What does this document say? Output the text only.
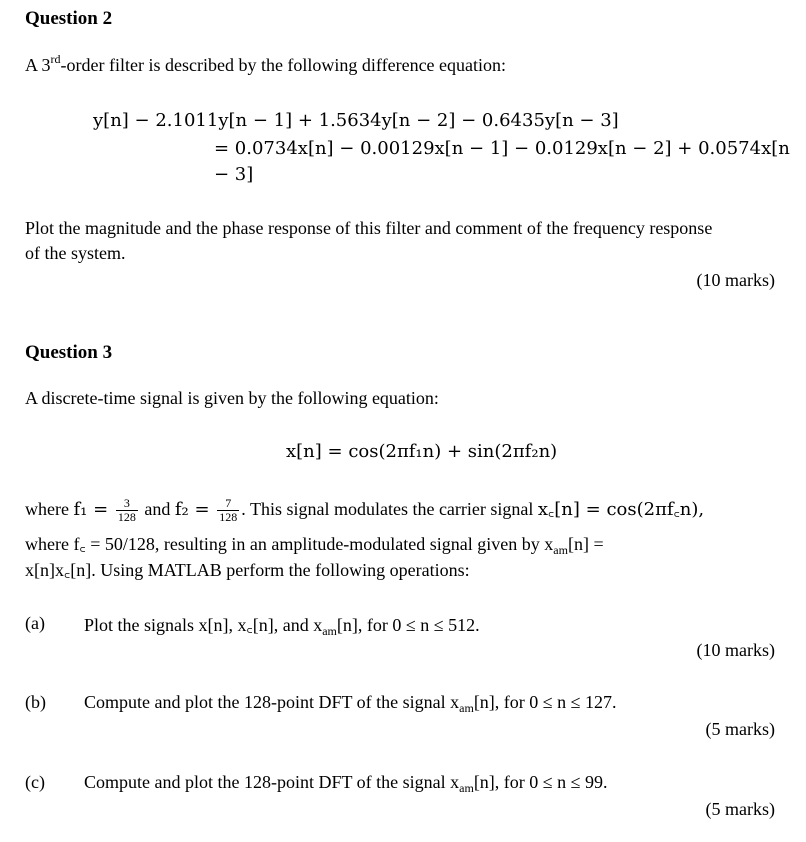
Question 2
A 3rd-order filter is described by the following difference equation:
y[n] − 2.1011y[n − 1] + 1.5634y[n − 2] − 0.6435y[n − 3]
= 0.0734x[n] − 0.00129x[n − 1] − 0.0129x[n − 2] + 0.0574x[n
− 3]
Plot the magnitude and the phase response of this filter and comment of the frequency response
of the system.
(10 marks)
Question 3
A discrete-time signal is given by the following equation:
x[n] = cos(2πf₁n) + sin(2πf₂n)
where $f_1 = \frac{3}{128}$ and $f_2 = \frac{7}{128}$ . This signal modulates the carrier signal x꜀[n] = cos(2πf꜀n),
where f꜀ = 50/128, resulting in an amplitude-modulated signal given by $x_{am}[n]$ =
x[n]x꜀[n]. Using MATLAB perform the following operations:
(a) Plot the signals x[n], x꜀[n], and $x_{am}[n]$, for 0 ≤ n ≤ 512.
(10 marks)
(b) Compute and plot the 128-point DFT of the signal $x_{am}[n]$, for 0 ≤ n ≤ 127.
(5 marks)
(c) Compute and plot the 128-point DFT of the signal $x_{am}[n]$, for 0 ≤ n ≤ 99.
(5 marks)
